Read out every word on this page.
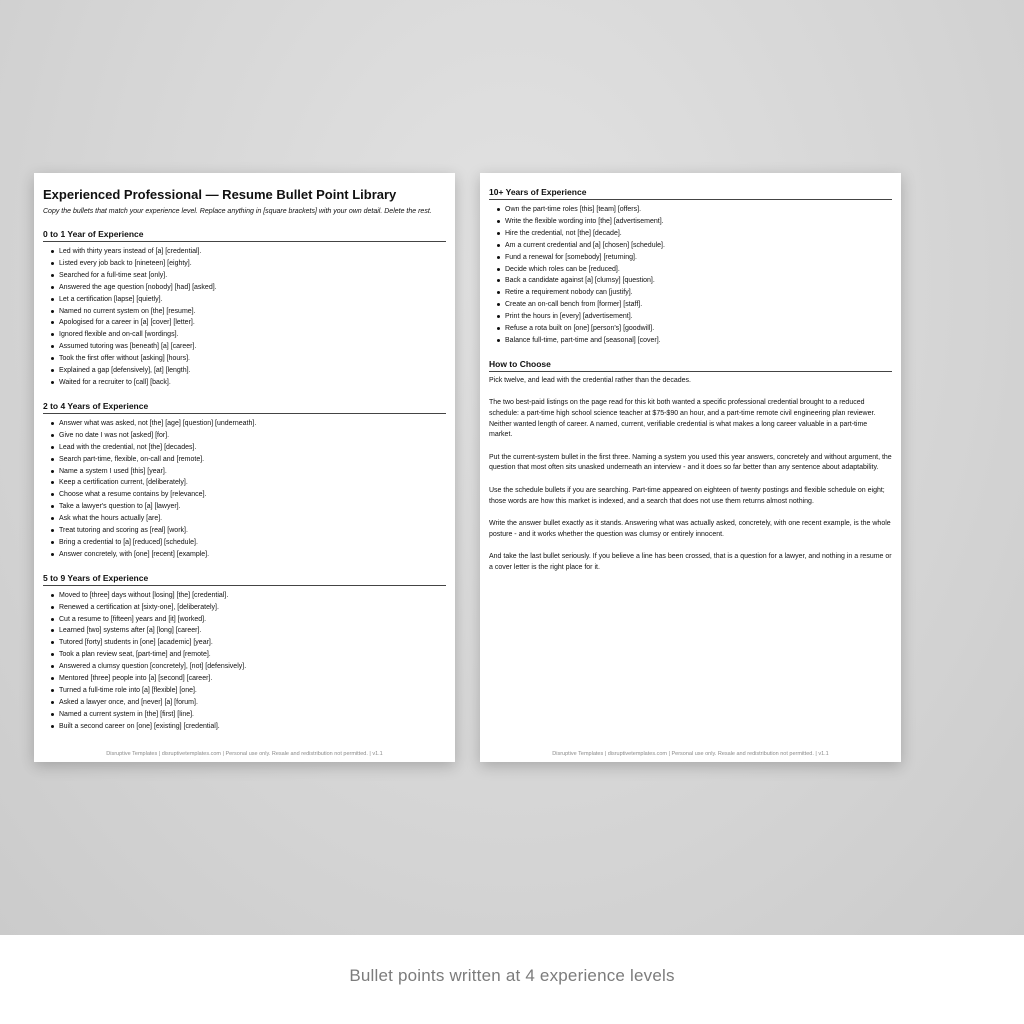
Experienced Professional — Resume Bullet Point Library
Copy the bullets that match your experience level. Replace anything in [square brackets] with your own detail. Delete the rest.
0 to 1 Year of Experience
Led with thirty years instead of [a] [credential].
Listed every job back to [nineteen] [eighty].
Searched for a full-time seat [only].
Answered the age question [nobody] [had] [asked].
Let a certification [lapse] [quietly].
Named no current system on [the] [resume].
Apologised for a career in [a] [cover] [letter].
Ignored flexible and on-call [wordings].
Assumed tutoring was [beneath] [a] [career].
Took the first offer without [asking] [hours].
Explained a gap [defensively], [at] [length].
Waited for a recruiter to [call] [back].
2 to 4 Years of Experience
Answer what was asked, not [the] [age] [question] [underneath].
Give no date I was not [asked] [for].
Lead with the credential, not [the] [decades].
Search part-time, flexible, on-call and [remote].
Name a system I used [this] [year].
Keep a certification current, [deliberately].
Choose what a resume contains by [relevance].
Take a lawyer's question to [a] [lawyer].
Ask what the hours actually [are].
Treat tutoring and scoring as [real] [work].
Bring a credential to [a] [reduced] [schedule].
Answer concretely, with [one] [recent] [example].
5 to 9 Years of Experience
Moved to [three] days without [losing] [the] [credential].
Renewed a certification at [sixty-one], [deliberately].
Cut a resume to [fifteen] years and [it] [worked].
Learned [two] systems after [a] [long] [career].
Tutored [forty] students in [one] [academic] [year].
Took a plan review seat, [part-time] and [remote].
Answered a clumsy question [concretely], [not] [defensively].
Mentored [three] people into [a] [second] [career].
Turned a full-time role into [a] [flexible] [one].
Asked a lawyer once, and [never] [a] [forum].
Named a current system in [the] [first] [line].
Built a second career on [one] [existing] [credential].
Disruptive Templates | disruptivetemplates.com | Personal use only. Resale and redistribution not permitted. | v1.1
10+ Years of Experience
Own the part-time roles [this] [team] [offers].
Write the flexible wording into [the] [advertisement].
Hire the credential, not [the] [decade].
Am a current credential and [a] [chosen] [schedule].
Fund a renewal for [somebody] [returning].
Decide which roles can be [reduced].
Back a candidate against [a] [clumsy] [question].
Retire a requirement nobody can [justify].
Create an on-call bench from [former] [staff].
Print the hours in [every] [advertisement].
Refuse a rota built on [one] [person's] [goodwill].
Balance full-time, part-time and [seasonal] [cover].
How to Choose

Pick twelve, and lead with the credential rather than the decades.

The two best-paid listings on the page read for this kit both wanted a specific professional credential brought to a reduced schedule: a part-time high school science teacher at $75-$90 an hour, and a part-time remote civil engineering plan reviewer. Neither wanted length of career. A named, current, verifiable credential is what makes a long career valuable in a part-time market.

Put the current-system bullet in the first three. Naming a system you used this year answers, concretely and without argument, the question that most often sits unasked underneath an interview - and it does so far better than any sentence about adaptability.

Use the schedule bullets if you are searching. Part-time appeared on eighteen of twenty postings and flexible schedule on eight; those words are how this market is indexed, and a search that does not use them returns almost nothing.

Write the answer bullet exactly as it stands. Answering what was actually asked, concretely, with one recent example, is the whole posture - and it works whether the question was clumsy or entirely innocent.

And take the last bullet seriously. If you believe a line has been crossed, that is a question for a lawyer, and nothing in a resume or a cover letter is the right place for it.

Disruptive Templates | disruptivetemplates.com | Personal use only. Resale and redistribution not permitted. | v1.1
Bullet points written at 4 experience levels
